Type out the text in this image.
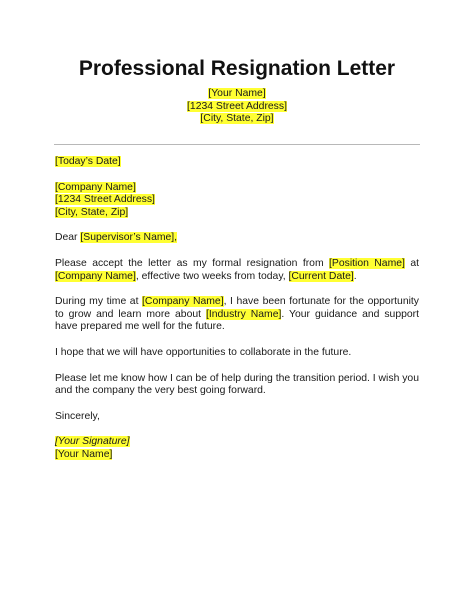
Professional Resignation Letter
[Your Name]
[1234 Street Address]
[City, State, Zip]

[Today’s Date]

[Company Name]
[1234 Street Address]
[City, State, Zip]

Dear [Supervisor’s Name],

Please accept the letter as my formal resignation from [Position Name] at [Company Name], effective two weeks from today, [Current Date].

During my time at [Company Name], I have been fortunate for the opportunity to grow and learn more about [Industry Name]. Your guidance and support have prepared me well for the future.

I hope that we will have opportunities to collaborate in the future.

Please let me know how I can be of help during the transition period. I wish you and the company the very best going forward.

Sincerely,

[Your Signature]
[Your Name]
